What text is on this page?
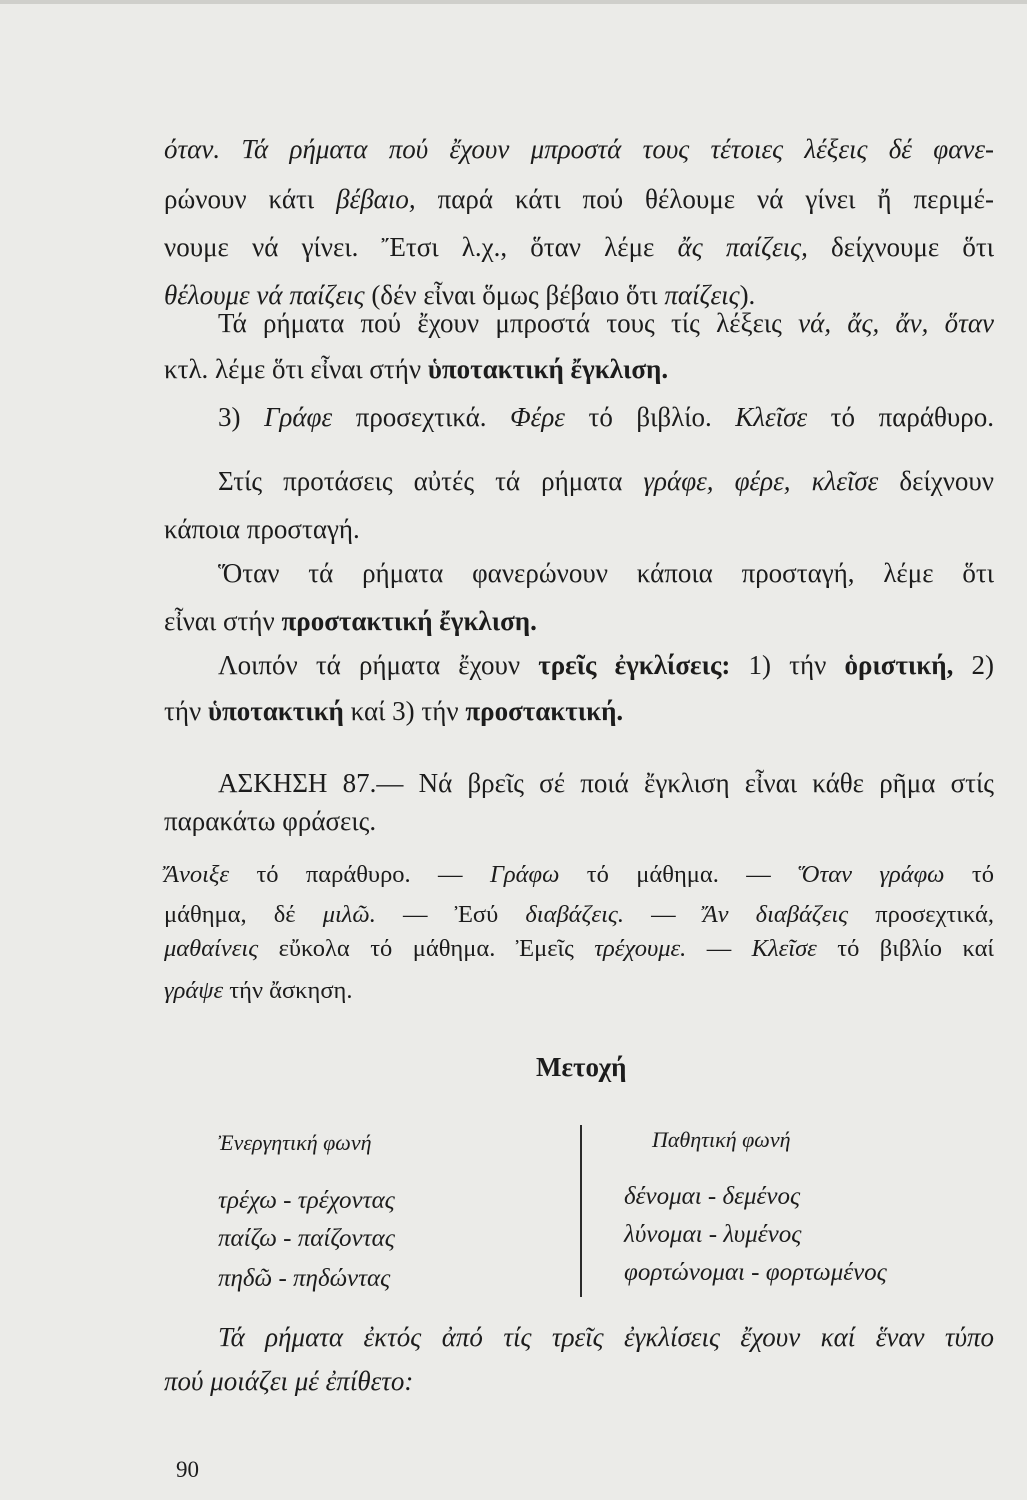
όταν. Τά ρήματα πού ἔχουν μπροστά τους τέτοιες λέξεις δέ φανε-
ρώνουν κάτι βέβαιο, παρά κάτι πού θέλουμε νά γίνει ἤ περιμέ-
νουμε νά γίνει. Ἔτσι λ.χ., ὅταν λέμε ἄς παίζεις, δείχνουμε ὅτι
θέλουμε νά παίζεις (δέν εἶναι ὅμως βέβαιο ὅτι παίζεις).
Τά ρήματα πού ἔχουν μπροστά τους τίς λέξεις νά, ἄς, ἄν, ὅταν
κτλ. λέμε ὅτι εἶναι στήν ὑποτακτική ἔγκλιση.
3) Γράφε προσεχτικά. Φέρε τό βιβλίο. Κλεῖσε τό παράθυρο.
Στίς προτάσεις αὐτές τά ρήματα γράφε, φέρε, κλεῖσε δείχνουν
κάποια προσταγή.
Ὅταν τά ρήματα φανερώνουν κάποια προσταγή, λέμε ὅτι
εἶναι στήν προστακτική ἔγκλιση.
Λοιπόν τά ρήματα ἔχουν τρεῖς ἐγκλίσεις: 1) τήν ὁριστική, 2)
τήν ὑποτακτική καί 3) τήν προστακτική.
ΑΣΚΗΣΗ 87.— Νά βρεῖς σέ ποιά ἔγκλιση εἶναι κάθε ρῆμα στίς
παρακάτω φράσεις.
Ἄνοιξε τό παράθυρο. — Γράφω τό μάθημα. — Ὅταν γράφω τό
μάθημα, δέ μιλῶ. — Ἐσύ διαβάζεις. — Ἄν διαβάζεις προσεχτικά,
μαθαίνεις εὔκολα τό μάθημα. Ἐμεῖς τρέχουμε. — Κλεῖσε τό βιβλίο καί
γράψε τήν ἄσκηση.
Μετοχή
Ἐνεργητική φωνή	Παθητική φωνή
τρέχω - τρέχοντας
παίζω - παίζοντας
πηδῶ - πηδώντας
δένομαι - δεμένος
λύνομαι - λυμένος
φορτώνομαι - φορτωμένος
Τά ρήματα ἐκτός ἀπό τίς τρεῖς ἐγκλίσεις ἔχουν καί ἕναν τύπο
πού μοιάζει μέ ἐπίθετο:
90
